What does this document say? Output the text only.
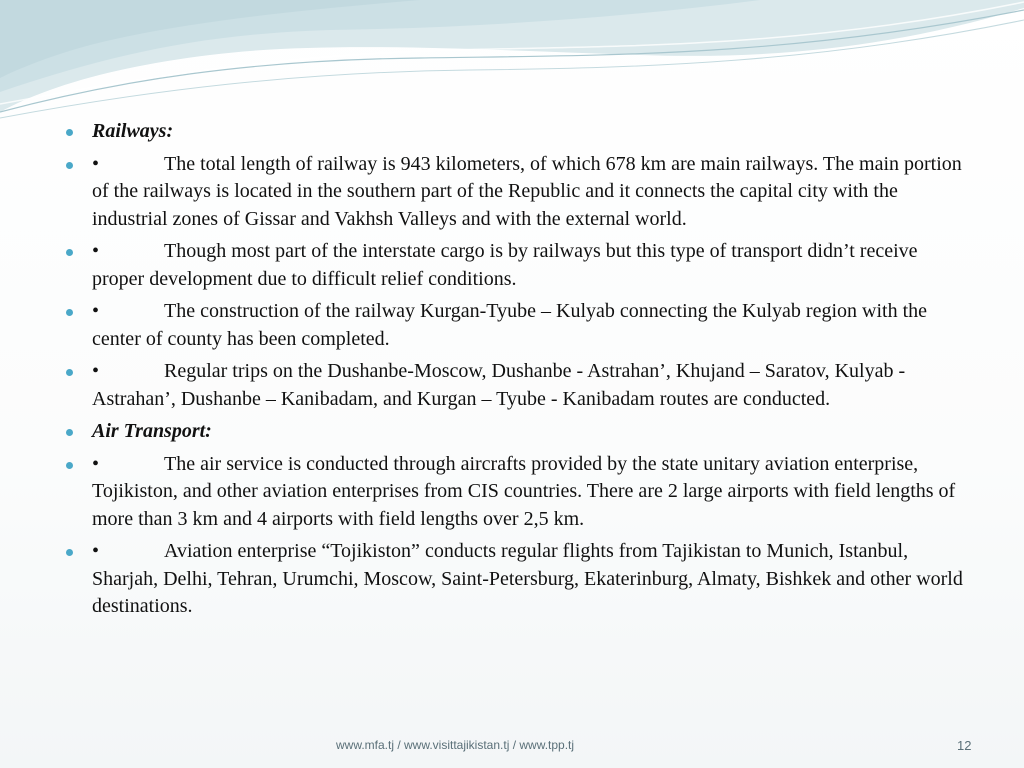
Railways:
•	The total length of railway is 943 kilometers, of which 678 km are main railways. The main portion of the railways is located in the southern part of the Republic and it connects the capital city with the industrial zones of Gissar and Vakhsh Valleys and with the external world.
•	Though most part of the interstate cargo is by railways but this type of transport didn’t receive proper development due to difficult relief conditions.
•	The construction of the railway Kurgan-Tyube – Kulyab connecting the Kulyab region with the center of county has been completed.
•	Regular trips on the Dushanbe-Moscow, Dushanbe - Astrahan’, Khujand – Saratov, Kulyab -Astrahan’, Dushanbe – Kanibadam, and Kurgan – Tyube - Kanibadam routes are conducted.
Air Transport:
•	The air service is conducted through aircrafts provided by the state unitary aviation enterprise, Tojikiston, and other aviation enterprises from CIS countries. There are 2 large airports with field lengths of more than 3 km and 4 airports with field lengths over 2,5 km.
•	Aviation enterprise “Tojikiston” conducts regular flights from Tajikistan to Munich, Istanbul, Sharjah, Delhi, Tehran, Urumchi, Moscow, Saint-Petersburg, Ekaterinburg, Almaty, Bishkek and other world destinations.
www.mfa.tj / www.visittajikistan.tj / www.tpp.tj	12
